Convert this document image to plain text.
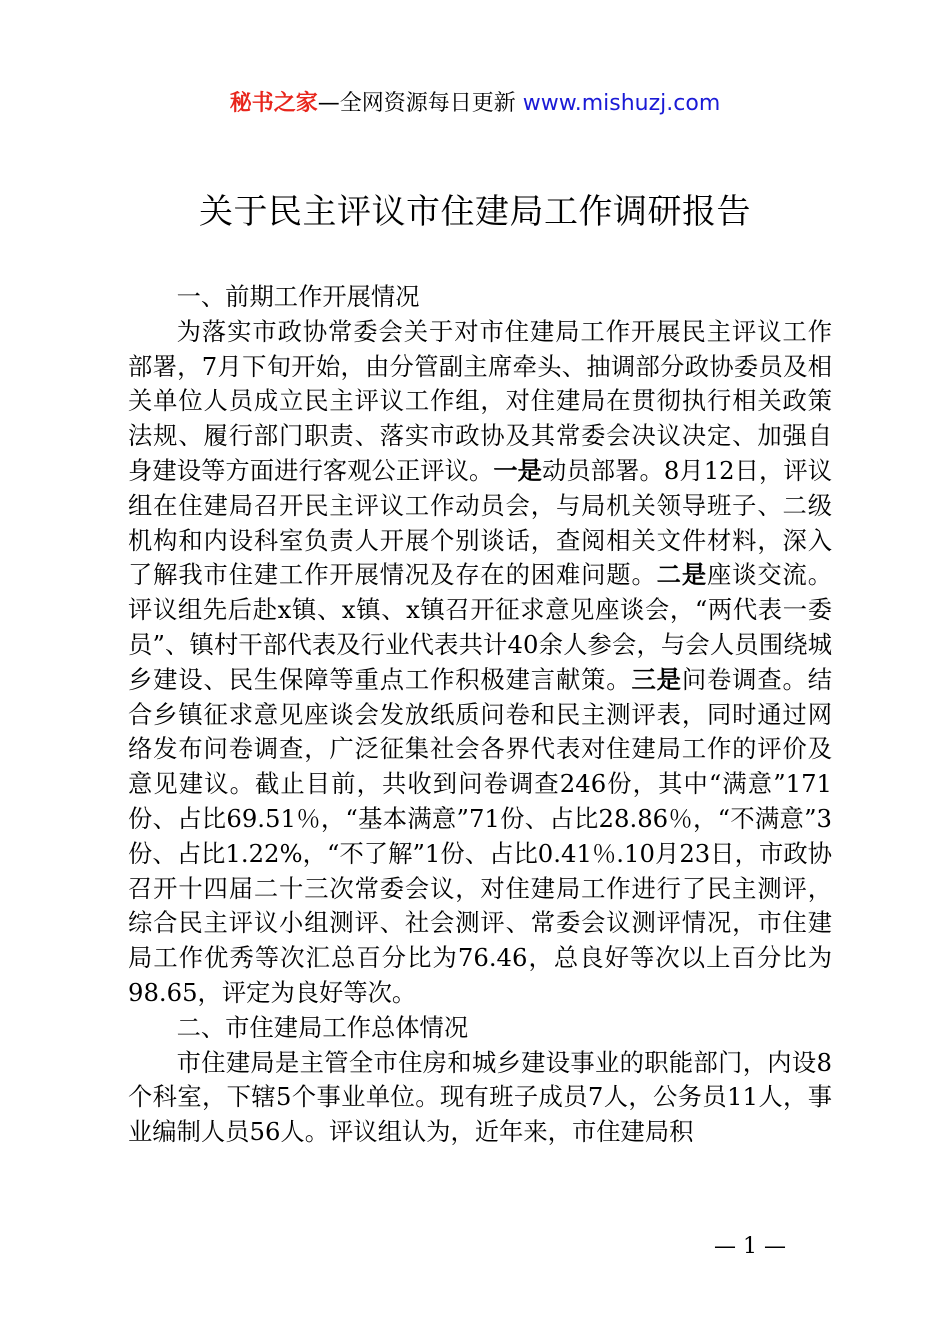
秘书之家—全网资源每日更新 www.mishuzj.com
关于民主评议市住建局工作调研报告

一、前期工作开展情况

为落实市政协常委会关于对市住建局工作开展民主评议工作部署，7月下旬开始，由分管副主席牵头、抽调部分政协委员及相关单位人员成立民主评议工作组，对住建局在贯彻执行相关政策法规、履行部门职责、落实市政协及其常委会决议决定、加强自身建设等方面进行客观公正评议。一是动员部署。8月12日，评议组在住建局召开民主评议工作动员会，与局机关领导班子、二级机构和内设科室负责人开展个别谈话，查阅相关文件材料，深入了解我市住建工作开展情况及存在的困难问题。二是座谈交流。评议组先后赴x镇、x镇、x镇召开征求意见座谈会，“两代表一委员”、镇村干部代表及行业代表共计40余人参会，与会人员围绕城乡建设、民生保障等重点工作积极建言献策。三是问卷调查。结合乡镇征求意见座谈会发放纸质问卷和民主测评表，同时通过网络发布问卷调查，广泛征集社会各界代表对住建局工作的评价及意见建议。截止目前，共收到问卷调查246份，其中“满意”171份、占比69.51％，“基本满意”71份、占比28.86％，“不满意”3份、占比1.22%，“不了解”1份、占比0.41％.10月23日，市政协召开十四届二十三次常委会议，对住建局工作进行了民主测评，综合民主评议小组测评、社会测评、常委会议测评情况，市住建局工作优秀等次汇总百分比为76.46，总良好等次以上百分比为98.65，评定为良好等次。

二、市住建局工作总体情况

市住建局是主管全市住房和城乡建设事业的职能部门，内设8个科室，下辖5个事业单位。现有班子成员7人，公务员11人，事业编制人员56人。评议组认为，近年来，市住建局积

— 1 —
